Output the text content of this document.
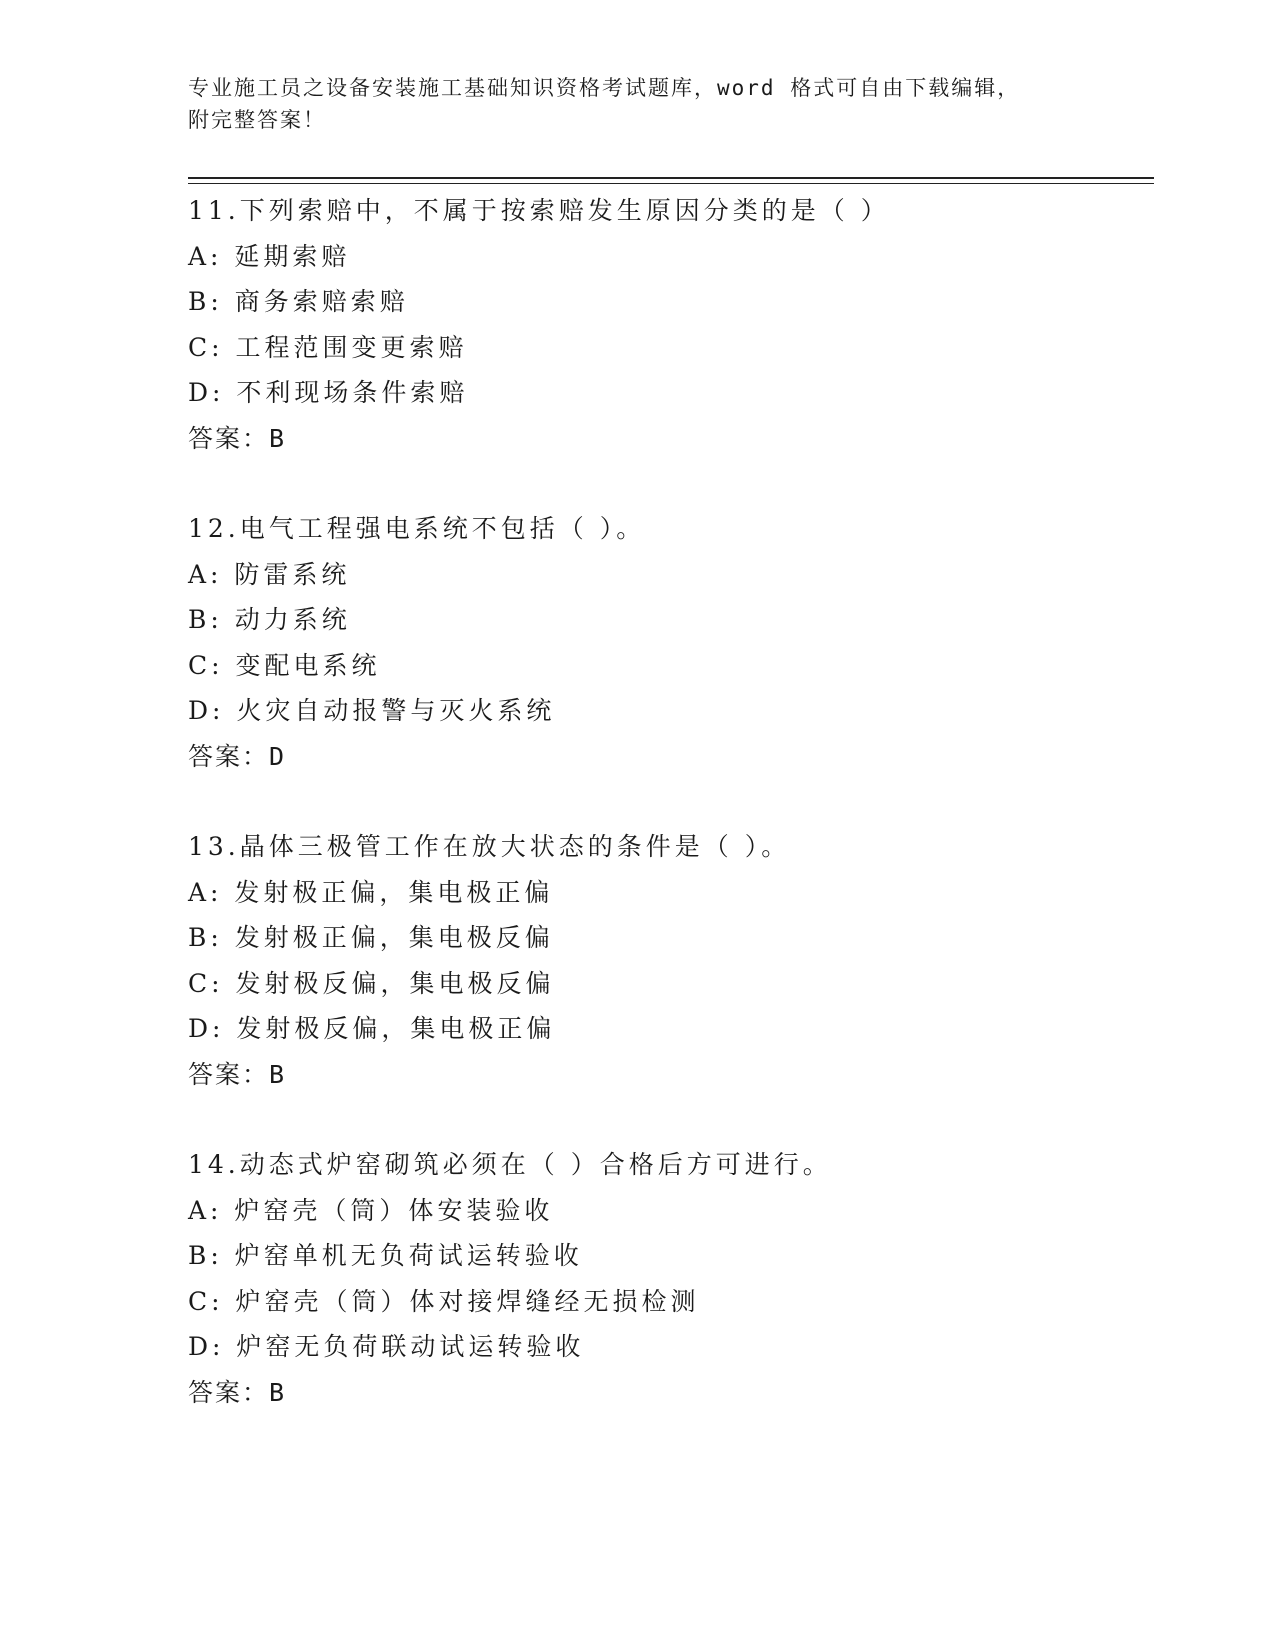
专业施工员之设备安装施工基础知识资格考试题库，word 格式可自由下载编辑，
附完整答案！
11.下列索赔中，不属于按索赔发生原因分类的是（ ）
A: 延期索赔
B: 商务索赔索赔
C: 工程范围变更索赔
D: 不利现场条件索赔
答案：B
12.电气工程强电系统不包括（ ）。
A: 防雷系统
B: 动力系统
C: 变配电系统
D: 火灾自动报警与灭火系统
答案：D
13.晶体三极管工作在放大状态的条件是（ ）。
A: 发射极正偏，集电极正偏
B: 发射极正偏，集电极反偏
C: 发射极反偏，集电极反偏
D: 发射极反偏，集电极正偏
答案：B
14.动态式炉窑砌筑必须在（ ）合格后方可进行。
A: 炉窑壳（筒）体安装验收
B: 炉窑单机无负荷试运转验收
C: 炉窑壳（筒）体对接焊缝经无损检测
D: 炉窑无负荷联动试运转验收
答案：B
